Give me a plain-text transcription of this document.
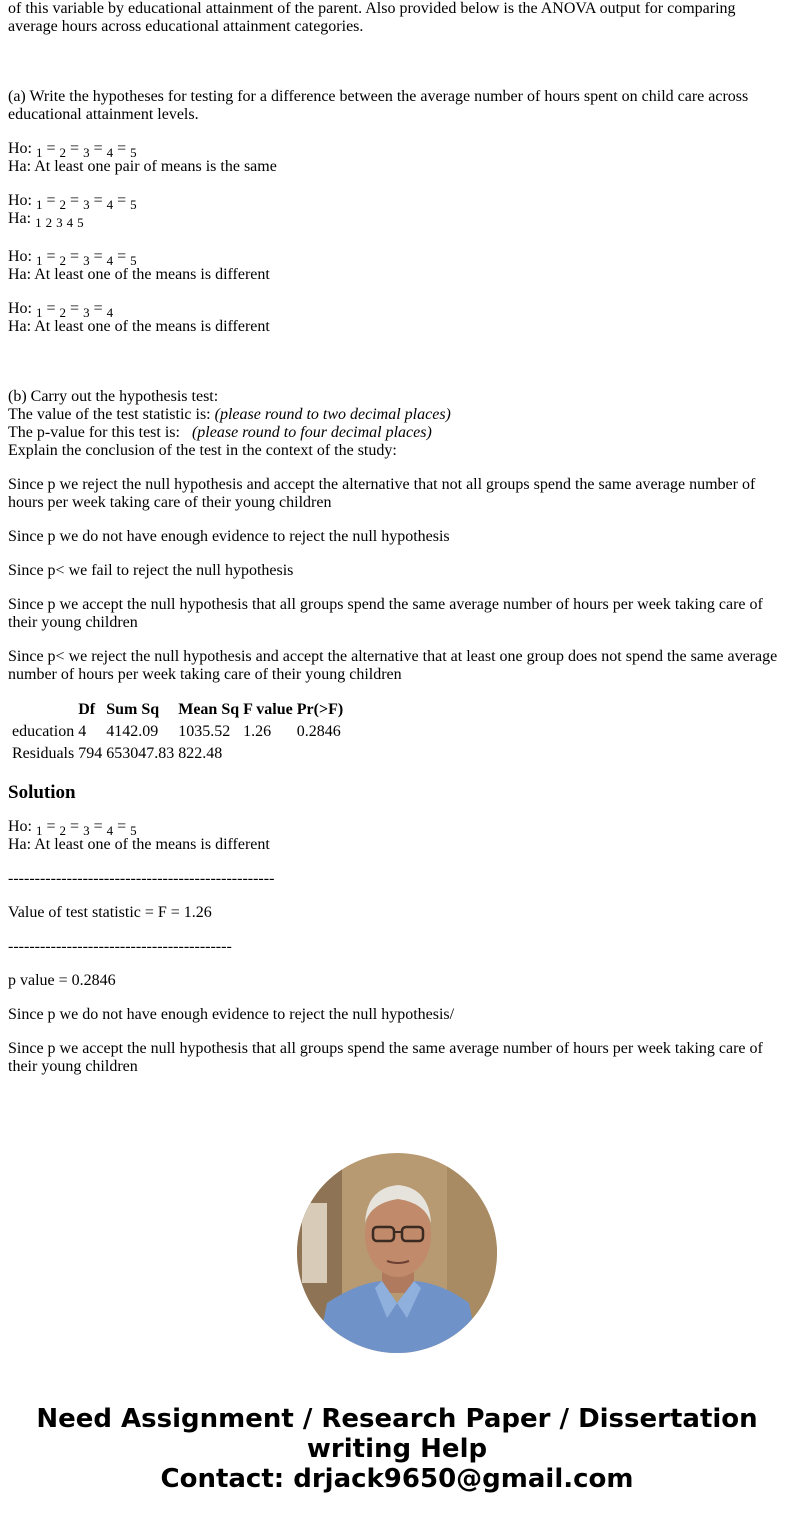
of this variable by educational attainment of the parent. Also provided below is the ANOVA output for comparing
average hours across educational attainment categories.

(a) Write the hypotheses for testing for a difference between the average number of hours spent on child care across
educational attainment levels.

Ho: $_1$ = $_2$ = $_3$ = $_4$ = $_5$
Ha: At least one pair of means is the same
Ho: $_1$ = $_2$ = $_3$ = $_4$ = $_5$
Ha: $_1$ $_2$ $_3$ $_4$ $_5$
Ho: $_1$ = $_2$ = $_3$ = $_4$ = $_5$
Ha: At least one of the means is different
Ho: $_1$ = $_2$ = $_3$ = $_4$
Ha: At least one of the means is different

(b) Carry out the hypothesis test:
The value of the test statistic is: (please round to two decimal places)
The p-value for this test is: (please round to four decimal places)
Explain the conclusion of the test in the context of the study:

Since p we reject the null hypothesis and accept the alternative that not all groups spend the same average number of hours per week taking care of their young children

Since p we do not have enough evidence to reject the null hypothesis

Since p< we fail to reject the null hypothesis

Since p we accept the null hypothesis that all groups spend the same average number of hours per week taking care of their young children

Since p< we reject the null hypothesis and accept the alternative that at least one group does not spend the same average number of hours per week taking care of their young children

	Df	Sum Sq	Mean Sq	F value	Pr(>F)
education	4	4142.09	1035.52	1.26	0.2846
Residuals	794	653047.83	822.48		
Solution
Ho: $_1$ = $_2$ = $_3$ = $_4$ = $_5$
Ha: At least one of the means is different

--------------------------------------------------

Value of test statistic = F = 1.26

------------------------------------------

p value = 0.2846

Since p we do not have enough evidence to reject the null hypothesis/

Since p we accept the null hypothesis that all groups spend the same average number of hours per week taking care of their young children

Need Assignment / Research Paper / Dissertation
writing Help
Contact: drjack9650@gmail.com
